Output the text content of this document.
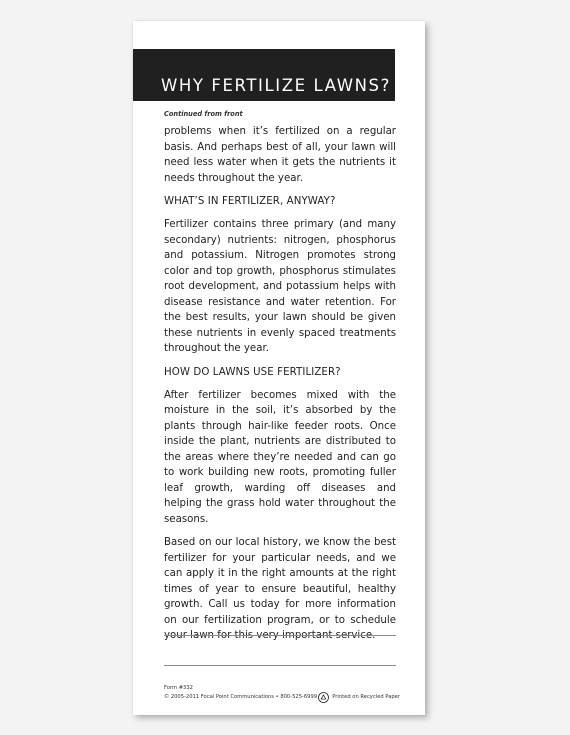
WHY FERTILIZE LAWNS?
Continued from front

problems when it’s fertilized on a regular basis. And perhaps best of all, your lawn will need less water when it gets the nutrients it needs throughout the year.

WHAT’S IN FERTILIZER, ANYWAY?

Fertilizer contains three primary (and many secondary) nutrients: nitrogen, phosphorus and potassium. Nitrogen promotes strong color and top growth, phosphorus stimulates root development, and potassium helps with disease resistance and water retention. For the best results, your lawn should be given these nutrients in evenly spaced treatments throughout the year.

HOW DO LAWNS USE FERTILIZER?

After fertilizer becomes mixed with the moisture in the soil, it’s absorbed by the plants through hair-like feeder roots. Once inside the plant, nutrients are distributed to the areas where they’re needed and can go to work building new roots, promoting fuller leaf growth, warding off diseases and helping the grass hold water throughout the seasons.

Based on our local history, we know the best fertilizer for your particular needs, and we can apply it in the right amounts at the right times of year to ensure beautiful, healthy growth. Call us today for more information on our fertilization program, or to schedule your lawn for this very important service.

Form #332
© 2005-2011 Focal Point Communications • 800-525-6999	Printed on Recycled Paper
